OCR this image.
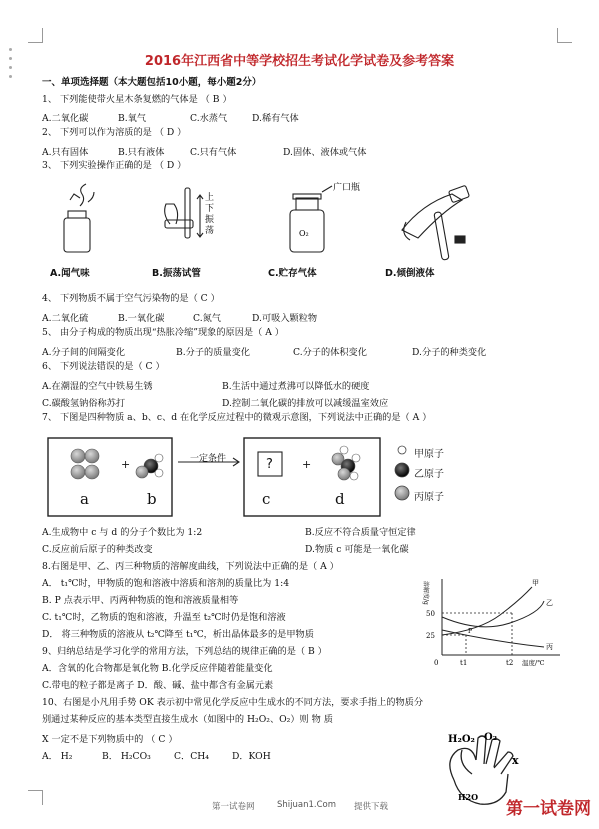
2016年江西省中等学校招生考试化学试卷及参考答案
一、单项选择题（本大题包括10小题，每小题2分）
1、 下列能使带火星木条复燃的气体是 （ B ）
A.二氧化碳	B.氧气	C.水蒸气	D.稀有气体
2、 下列可以作为溶质的是 （ D ）
A.只有固体	B.只有液体	C.只有气体	D.固体、液体或气体
3、 下列实验操作正确的是 （ D ）
上
下
振
荡	O₂
广口瓶
A.闻气味	B.振荡试管	C.贮存气体	D.倾倒液体
4、 下列物质不属于空气污染物的是（ C ）
A.二氧化硫	B.一氧化碳	C.氮气	D.可吸入颗粒物
5、 由分子构成的物质出现“热胀冷缩”现象的原因是（ A ）
A.分子间的间隔变化	B.分子的质量变化	C.分子的体积变化	D.分子的种类变化
6、 下列说法错误的是（ C ）
A.在潮湿的空气中铁易生锈	B.生活中通过煮沸可以降低水的硬度
C.碳酸氢钠俗称苏打	D.控制二氧化碳的排放可以减缓温室效应
7、 下图是四种物质 a、b、c、d 在化学反应过程中的微观示意图，下列说法中正确的是（ A ）
一定条件
+	+
?
a	b	c	d
甲原子
乙原子
丙原子
A.生成物中 c 与 d 的分子个数比为 1:2	B.反应不符合质量守恒定律
C.反应前后原子的种类改变	D.物质 c 可能是一氧化碳
8.右图是甲、乙、丙三种物质的溶解度曲线，下列说法中正确的是（ A ）
A． t₁℃时，甲物质的饱和溶液中溶质和溶剂的质量比为 1:4
B. P 点表示甲、丙两种物质的饱和溶液质量相等
C. t₁℃时，乙物质的饱和溶液，升温至 t₂℃时仍是饱和溶液
D． 将三种物质的溶液从 t₂℃降至 t₁℃，析出晶体最多的是甲物质
溶解度/g
50
25
0	t1	t2 温度/℃
甲
乙
丙
P
9、归纳总结是学习化学的常用方法，下列总结的规律正确的是（ B ）
A．含氧的化合物都是氧化物 B.化学反应伴随着能量变化
C.带电的粒子都是离子 D．酸、碱、盐中都含有金属元素
10、右图是小凡用手势 OK 表示初中常见化学反应中生成水的不同方法，要求手指上的物质分
别通过某种反应的基本类型直接生成水（如图中的 H₂O₂、O₂）则 物 质
X 一定不是下列物质中的 （ C ）
A． H₂	B． H₂CO₃	C．CH₄	D．KOH
H₂O₂ O₂
x
H2O
第一试卷网	Shijuan1.Com 提供下载	第一试卷网
